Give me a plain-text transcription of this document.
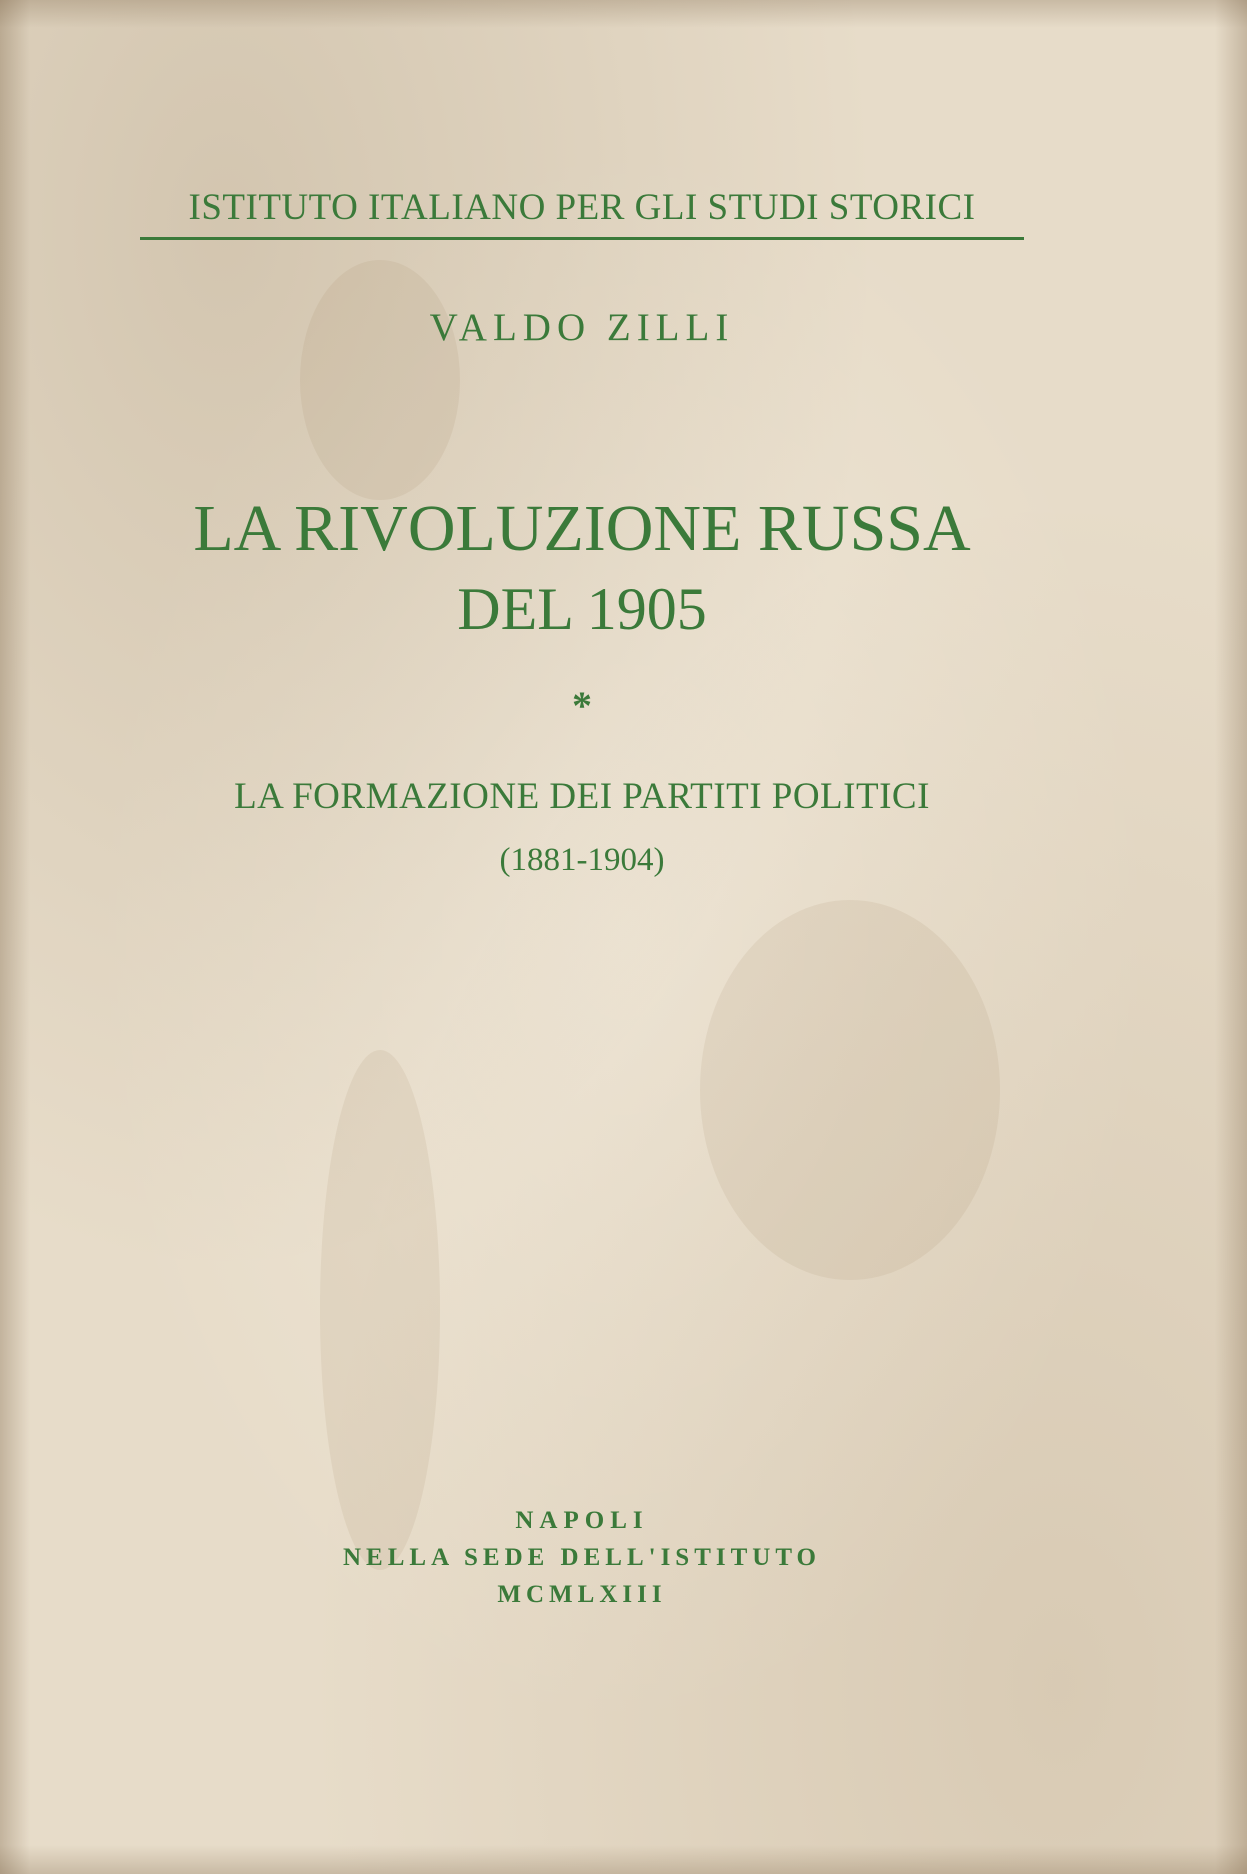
ISTITUTO ITALIANO PER GLI STUDI STORICI
VALDO ZILLI
LA RIVOLUZIONE RUSSA
DEL 1905
*
LA FORMAZIONE DEI PARTITI POLITICI
(1881-1904)
NAPOLI
NELLA SEDE DELL'ISTITUTO
MCMLXIII
